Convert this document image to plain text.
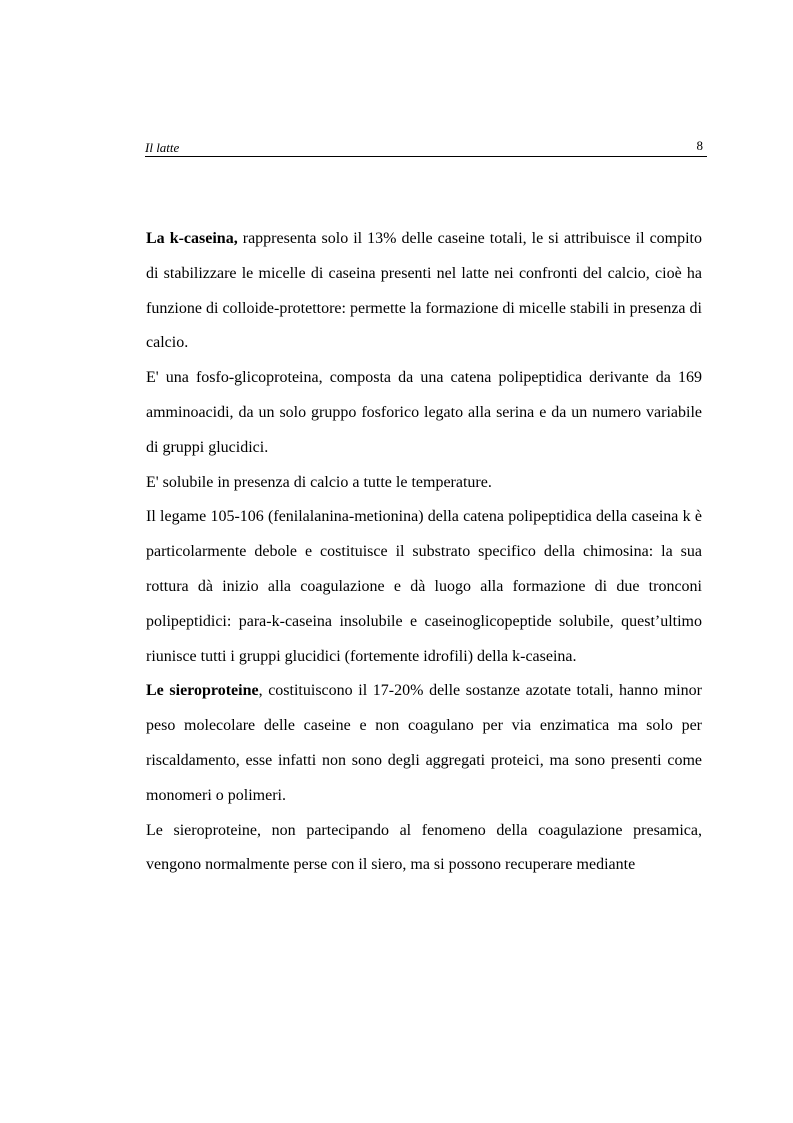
Il latte	8

La k-caseina, rappresenta solo il 13% delle caseine totali, le si attribuisce il compito di stabilizzare le micelle di caseina presenti nel latte nei confronti del calcio, cioè ha funzione di colloide-protettore: permette la formazione di micelle stabili in presenza di calcio.

E' una fosfo-glicoproteina, composta da una catena polipeptidica derivante da 169 amminoacidi, da un solo gruppo fosforico legato alla serina e da un numero variabile di gruppi glucidici.

E' solubile in presenza di calcio a tutte le temperature.

Il legame 105-106 (fenilalanina-metionina) della catena polipeptidica della caseina k è particolarmente debole e costituisce il substrato specifico della chimosina: la sua rottura dà inizio alla coagulazione e dà luogo alla formazione di due tronconi polipeptidici: para-k-caseina insolubile e caseinoglicopeptide solubile, quest’ultimo riunisce tutti i gruppi glucidici (fortemente idrofili) della k-caseina.

Le sieroproteine, costituiscono il 17-20% delle sostanze azotate totali, hanno minor peso molecolare delle caseine e non coagulano per via enzimatica ma solo per riscaldamento, esse infatti non sono degli aggregati proteici, ma sono presenti come monomeri o polimeri.

Le sieroproteine, non partecipando al fenomeno della coagulazione presamica, vengono normalmente perse con il siero, ma si possono recuperare mediante
